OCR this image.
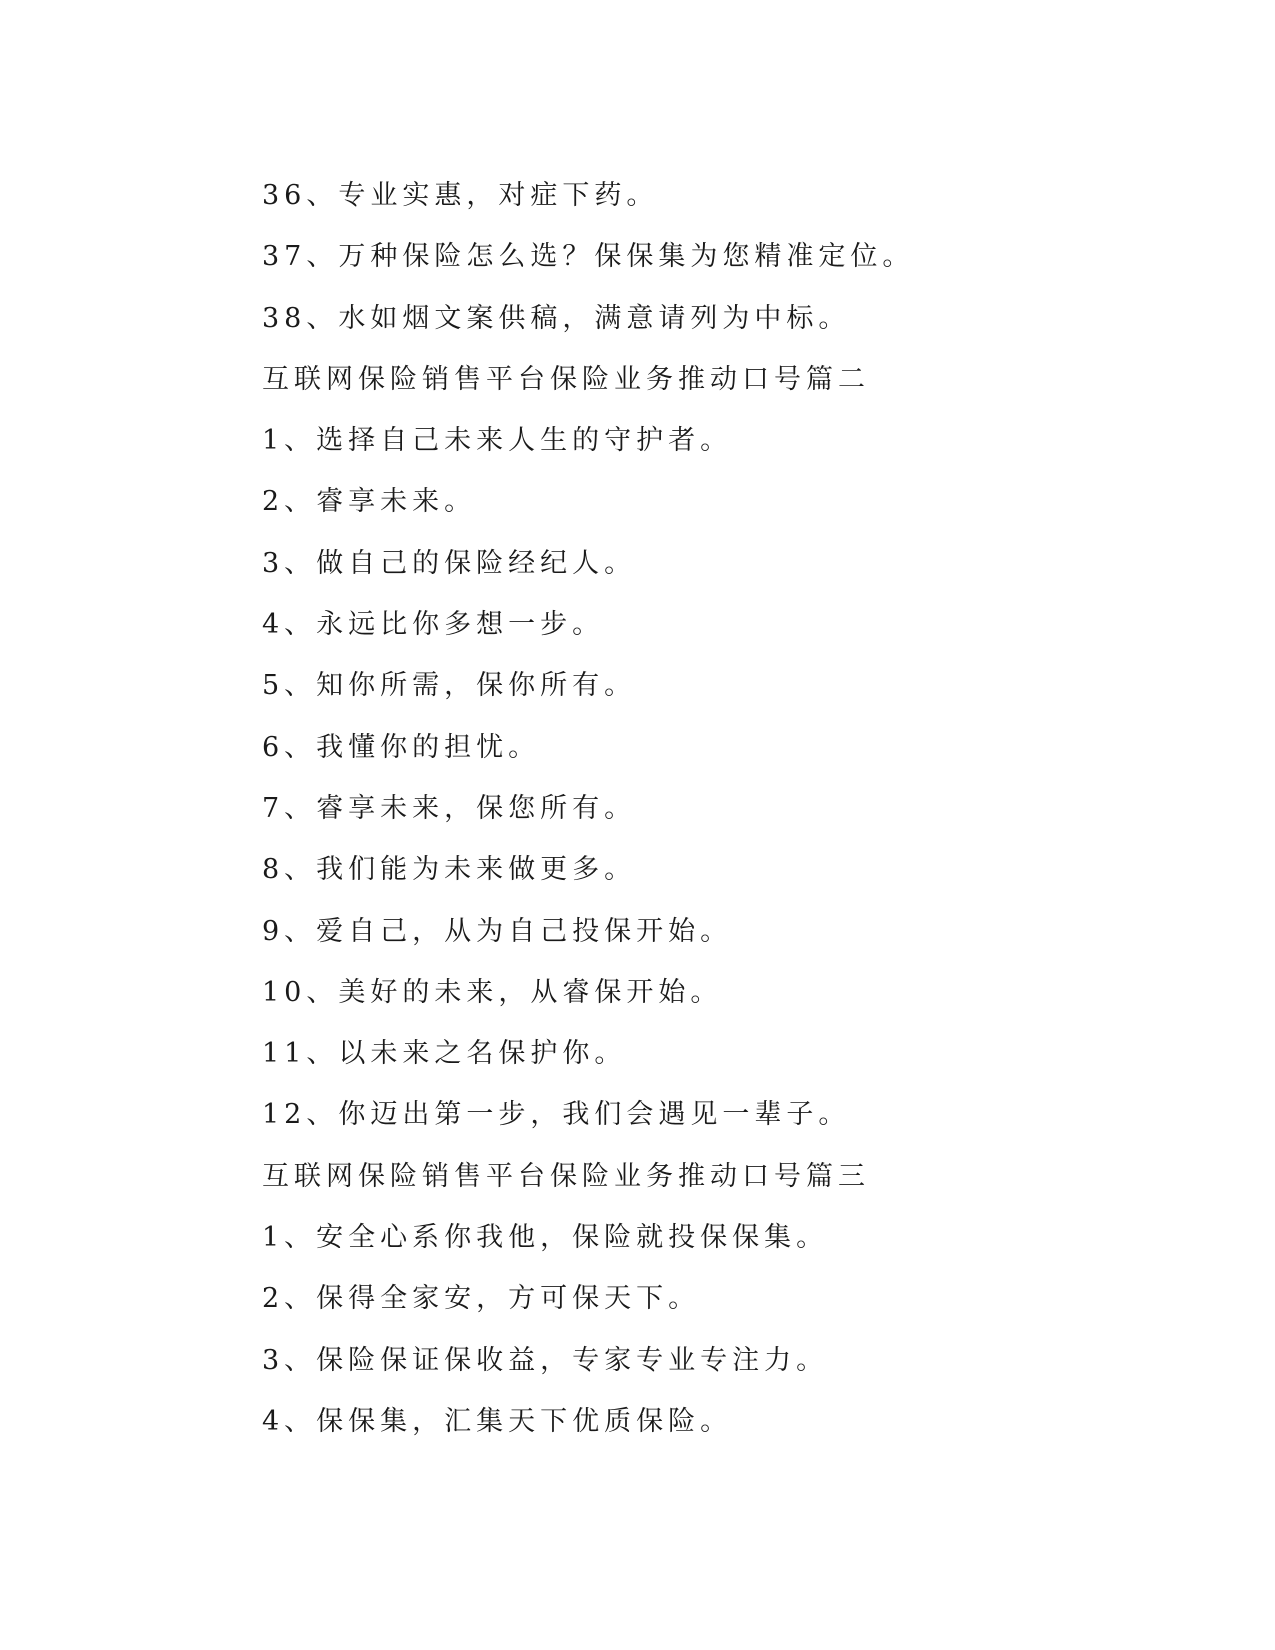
36、专业实惠，对症下药。
37、万种保险怎么选？保保集为您精准定位。
38、水如烟文案供稿，满意请列为中标。
互联网保险销售平台保险业务推动口号篇二
1、选择自己未来人生的守护者。
2、睿享未来。
3、做自己的保险经纪人。
4、永远比你多想一步。
5、知你所需，保你所有。
6、我懂你的担忧。
7、睿享未来，保您所有。
8、我们能为未来做更多。
9、爱自己，从为自己投保开始。
10、美好的未来，从睿保开始。
11、以未来之名保护你。
12、你迈出第一步，我们会遇见一辈子。
互联网保险销售平台保险业务推动口号篇三
1、安全心系你我他，保险就投保保集。
2、保得全家安，方可保天下。
3、保险保证保收益，专家专业专注力。
4、保保集，汇集天下优质保险。
